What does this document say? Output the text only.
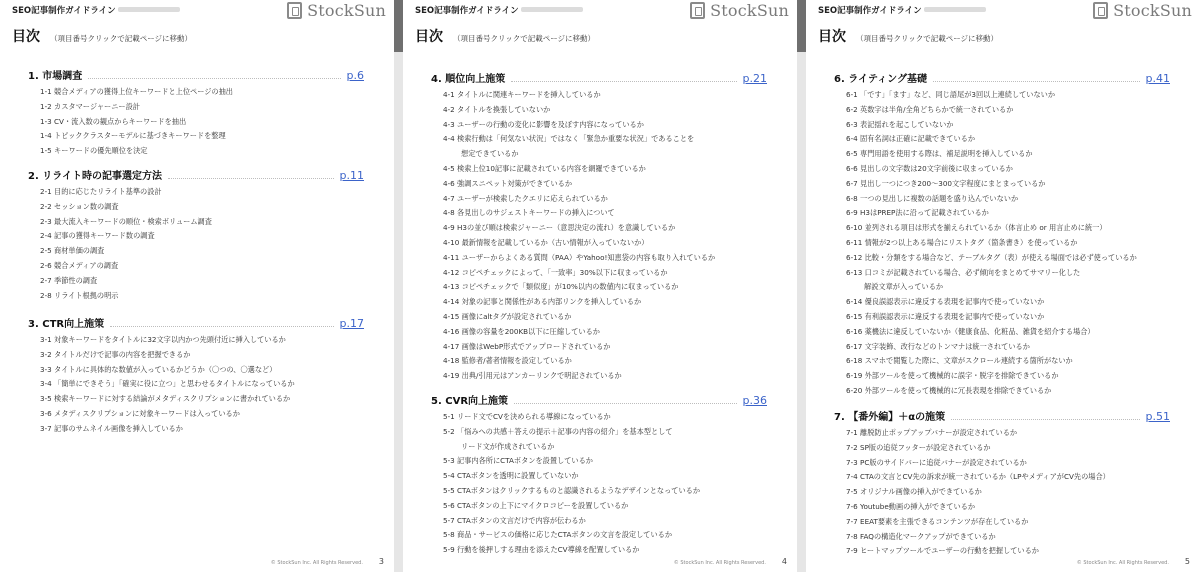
SEO記事制作ガイドライン	StockSun
目次 （項目番号クリックで記載ページに移動）
1. 市場調査	p.6
1-1 競合メディアの獲得上位キーワードと上位ページの抽出
1-2 カスタマージャーニー設計
1-3 CV・流入数の観点からキーワードを抽出
1-4 トピッククラスターモデルに基づきキーワードを整理
1-5 キーワードの優先順位を決定
2. リライト時の記事選定方法	p.11
2-1 目的に応じたリライト基準の設計
2-2 セッション数の調査
2-3 最大流入キーワードの順位・検索ボリューム調査
2-4 記事の獲得キーワード数の調査
2-5 商材単価の調査
2-6 競合メディアの調査
2-7 季節性の調査
2-8 リライト根拠の明示
3. CTR向上施策	p.17
3-1 対象キーワードをタイトルに32文字以内かつ先頭付近に挿入しているか
3-2 タイトルだけで記事の内容を把握できるか
3-3 タイトルに具体的な数値が入っているかどうか（〇つの、〇選など）
3-4 「簡単にできそう」「確実に役に立つ」と思わせるタイトルになっているか
3-5 検索キーワードに対する結論がメタディスクリプションに書かれているか
3-6 メタディスクリプションに対象キーワードは入っているか
3-7 記事のサムネイル画像を挿入しているか
© StockSun Inc. All Rights Reserved. 3
SEO記事制作ガイドライン	StockSun
目次 （項目番号クリックで記載ページに移動）
4. 順位向上施策	p.21
4-1 タイトルに関連キーワードを挿入しているか
4-2 タイトルを換張していないか
4-3 ユーザーの行動の変化に影響を及ぼす内容になっているか
4-4 検索行動は「何気ない状況」ではなく「緊急か重要な状況」であることを
想定できているか
4-5 検索上位10記事に記載されている内容を網羅できているか
4-6 強調スニペット対策ができているか
4-7 ユーザーが検索したクエリに応えられているか
4-8 各見出しのサジェストキーワードの挿入について
4-9 H3の並び順は検索ジャーニー（意思決定の流れ）を意識しているか
4-10 最新情報を記載しているか（古い情報が入っていないか）
4-11 ユーザーからよくある質問（PAA）やYahoo!知恵袋の内容も取り入れているか
4-12 コピペチェックによって、「一致率」30%以下に収まっているか
4-13 コピペチェックで「類似度」が10%以内の数値内に収まっているか
4-14 対象の記事と関係性がある内部リンクを挿入しているか
4-15 画像にaltタグが設定されているか
4-16 画像の容量を200KB以下に圧縮しているか
4-17 画像はWebP形式でアップロードされているか
4-18 監修者/著者情報を設定しているか
4-19 出典/引用元はアンカーリンクで明記されているか
5. CVR向上施策	p.36
5-1 リード文でCVを決められる導線になっているか
5-2 「悩みへの共感＋答えの提示＋記事の内容の紹介」を基本型として
リード文が作成されているか
5-3 記事内各所にCTAボタンを設置しているか
5-4 CTAボタンを透明に設置していないか
5-5 CTAボタンはクリックするものと認識されるようなデザインとなっているか
5-6 CTAボタンの上下にマイクロコピーを設置しているか
5-7 CTAボタンの文言だけで内容が伝わるか
5-8 商品・サービスの価格に応じたCTAボタンの文言を設定しているか
5-9 行動を後押しする理由を添えたCV導線を配置しているか
© StockSun Inc. All Rights Reserved. 4
SEO記事制作ガイドライン	StockSun
目次 （項目番号クリックで記載ページに移動）
6. ライティング基礎	p.41
6-1 「です」「ます」など、同じ語尾が3回以上連続していないか
6-2 英数字は半角/全角どちらかで統一されているか
6-3 表記揺れを起こしていないか
6-4 固有名詞は正確に記載できているか
6-5 専門用語を使用する際は、補足説明を挿入しているか
6-6 見出しの文字数は20文字前後に収まっているか
6-7 見出し一つにつき200～300文字程度にまとまっているか
6-8 一つの見出しに複数の話題を盛り込んでいないか
6-9 H3はPREP法に沿って記載されているか
6-10 並列される項目は形式を揃えられているか（体言止め or 用言止めに統一）
6-11 情報が2つ以上ある場合にリストタグ（箇条書き）を使っているか
6-12 比較・分類をする場合など、テーブルタグ（表）が使える場面では必ず使っているか
6-13 口コミが記載されている場合、必ず傾向をまとめてサマリー化した
解説文章が入っているか
6-14 優良誤認表示に違反する表現を記事内で使っていないか
6-15 有利誤認表示に違反する表現を記事内で使っていないか
6-16 薬機法に違反していないか（健康食品、化粧品、雑貨を紹介する場合）
6-17 文字装飾、改行などのトンマナは統一されているか
6-18 スマホで閲覧した際に、文章がスクロール連続する箇所がないか
6-19 外部ツールを使って機械的に誤字・脱字を排除できているか
6-20 外部ツールを使って機械的に冗長表現を排除できているか
7. 【番外編】＋αの施策	p.51
7-1 離脱防止ポップアップバナーが設定されているか
7-2 SP版の追従フッターが設定されているか
7-3 PC版のサイドバーに追従バナーが設定されているか
7-4 CTAの文言とCV先の訴求が統一されているか（LPやメディアがCV先の場合）
7-5 オリジナル画像の挿入ができているか
7-6 Youtube動画の挿入ができているか
7-7 EEAT要素を主張できるコンテンツが存在しているか
7-8 FAQの構造化マークアップができているか
7-9 ヒートマップツールでユーザーの行動を把握しているか
© StockSun Inc. All Rights Reserved. 5
